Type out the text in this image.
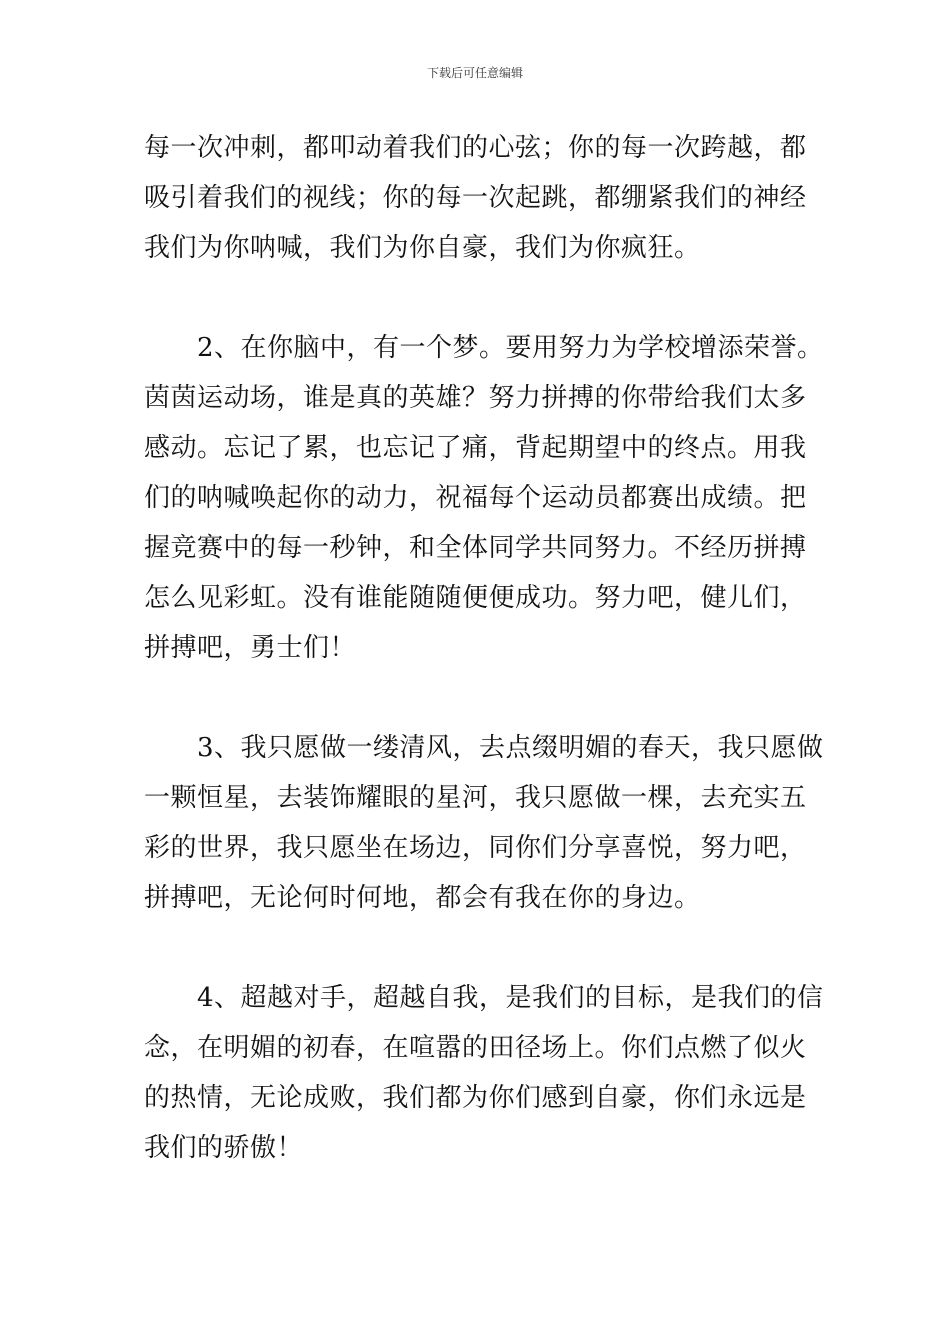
下载后可任意编辑
每一次冲刺，都叩动着我们的心弦；你的每一次跨越，都
吸引着我们的视线；你的每一次起跳，都绷紧我们的神经
我们为你呐喊，我们为你自豪，我们为你疯狂。
　　2、在你脑中，有一个梦。要用努力为学校增添荣誉。
茵茵运动场，谁是真的英雄？努力拼搏的你带给我们太多
感动。忘记了累，也忘记了痛，背起期望中的终点。用我
们的呐喊唤起你的动力，祝福每个运动员都赛出成绩。把
握竞赛中的每一秒钟，和全体同学共同努力。不经历拼搏
怎么见彩虹。没有谁能随随便便成功。努力吧，健儿们，
拼搏吧，勇士们！
　　3、我只愿做一缕清风，去点缀明媚的春天，我只愿做
一颗恒星，去装饰耀眼的星河，我只愿做一棵，去充实五
彩的世界，我只愿坐在场边，同你们分享喜悦，努力吧，
拼搏吧，无论何时何地，都会有我在你的身边。
　　4、超越对手，超越自我，是我们的目标，是我们的信
念，在明媚的初春，在喧嚣的田径场上。你们点燃了似火
的热情，无论成败，我们都为你们感到自豪，你们永远是
我们的骄傲！
